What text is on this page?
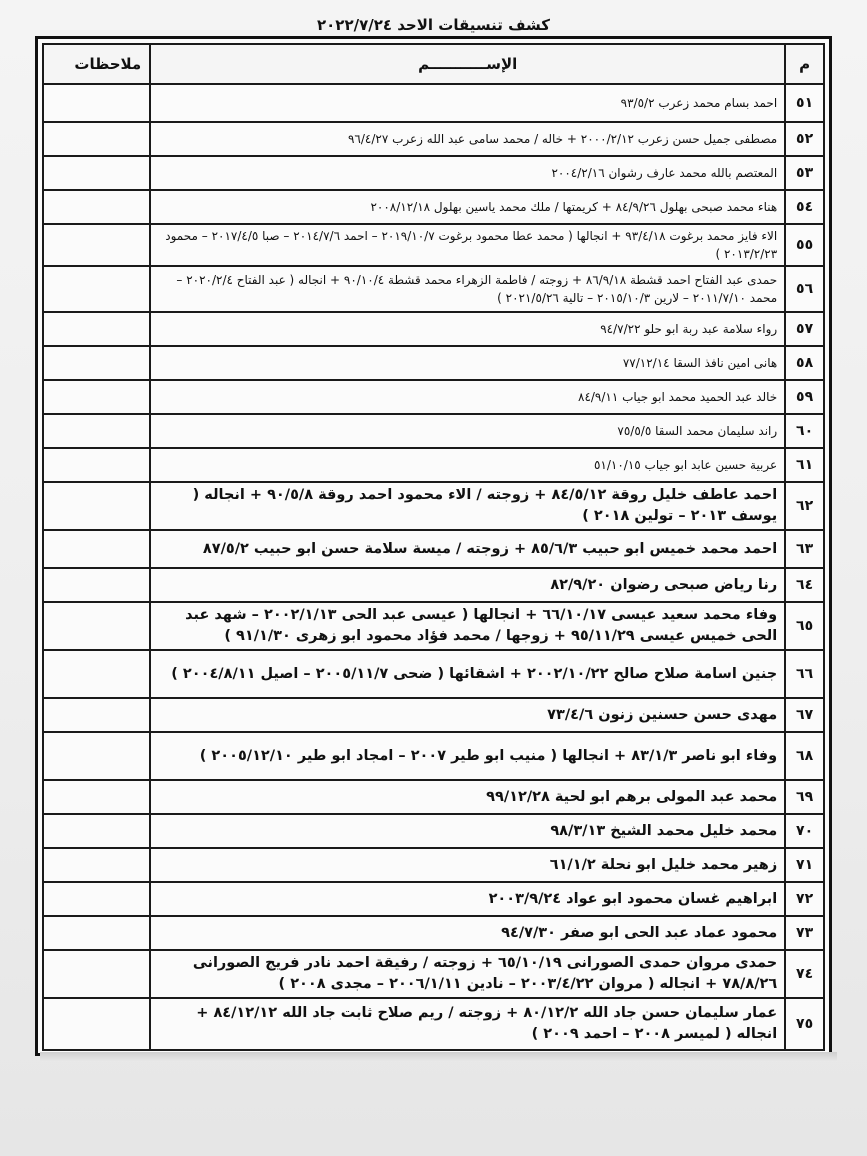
كشف تنسيقات الاحد ٢٠٢٢/٧/٢٤
ملاحظات	الإســـــــــــم	م
	احمد بسام محمد زعرب ٩٣/٥/٢	٥١
	مصطفى جميل حسن زعرب ٢٠٠٠/٢/١٢ + خاله / محمد سامى عبد الله زعرب ٩٦/٤/٢٧	٥٢
	المعتصم بالله محمد عارف رشوان ٢٠٠٤/٢/١٦	٥٣
	هناء محمد صبحى بهلول ٨٤/٩/٢٦ + كريمتها / ملك محمد ياسين بهلول ٢٠٠٨/١٢/١٨	٥٤
	الاء فايز محمد برغوت ٩٣/٤/١٨ + انجالها ( محمد عطا محمود برغوت ٢٠١٩/١٠/٧ – احمد ٢٠١٤/٧/٦ – صبا ٢٠١٧/٤/٥ – محمود ٢٠١٣/٢/٢٣ )	٥٥
	حمدى عبد الفتاح احمد قشطة ٨٦/٩/١٨ + زوجته / فاطمة الزهراء محمد قشطة ٩٠/١٠/٤ + انجاله ( عبد الفتاح ٢٠٢٠/٢/٤ – محمد ٢٠١١/٧/١٠ – لارين ٢٠١٥/١٠/٣ – تالية ٢٠٢١/٥/٢٦ )	٥٦
	رواء سلامة عبد ربة ابو حلو ٩٤/٧/٢٢	٥٧
	هانى امين نافذ السقا ٧٧/١٢/١٤	٥٨
	خالد عبد الحميد محمد ابو جياب ٨٤/٩/١١	٥٩
	راند سليمان محمد السقا ٧٥/٥/٥	٦٠
	عربية حسين عابد ابو جياب ٥١/١٠/١٥	٦١
	احمد عاطف خليل روقة ٨٤/٥/١٢ + زوجته / الاء محمود احمد روقة ٩٠/٥/٨ + انجاله ( يوسف ٢٠١٣ – تولين ٢٠١٨ )	٦٢
	احمد محمد خميس ابو حبيب ٨٥/٦/٣ + زوجته / ميسة سلامة حسن ابو حبيب ٨٧/٥/٢	٦٣
	رنا رياض صبحى رضوان ٨٢/٩/٢٠	٦٤
	وفاء محمد سعيد عيسى ٦٦/١٠/١٧ + انجالها ( عيسى عبد الحى ٢٠٠٢/١/١٣ – شهد عبد الحى خميس عيسى ٩٥/١١/٢٩ + زوجها / محمد فؤاد محمود ابو زهرى ٩١/١/٣٠ )	٦٥
	جنين اسامة صلاح صالح ٢٠٠٢/١٠/٢٢ + اشقائها ( ضحى ٢٠٠٥/١١/٧ – اصيل ٢٠٠٤/٨/١١ )	٦٦
	مهدى حسن حسنين زنون ٧٣/٤/٦	٦٧
	وفاء ابو ناصر ٨٣/١/٣ + انجالها ( منيب ابو طير ٢٠٠٧ – امجاد ابو طير ٢٠٠٥/١٢/١٠ )	٦٨
	محمد عبد المولى برهم ابو لحية ٩٩/١٢/٢٨	٦٩
	محمد خليل محمد الشيخ ٩٨/٣/١٣	٧٠
	زهير محمد خليل ابو نحلة ٦١/١/٢	٧١
	ابراهيم غسان محمود ابو عواد ٢٠٠٣/٩/٢٤	٧٢
	محمود عماد عبد الحى ابو صفر ٩٤/٧/٣٠	٧٣
	حمدى مروان حمدى الصورانى ٦٥/١٠/١٩ + زوجته / رفيقة احمد نادر فريج الصورانى ٧٨/٨/٢٦ + انجاله ( مروان ٢٠٠٣/٤/٢٢ – نادين ٢٠٠٦/١/١١ – مجدى ٢٠٠٨ )	٧٤
	عمار سليمان حسن جاد الله ٨٠/١٢/٢ + زوجته / ريم صلاح ثابت جاد الله ٨٤/١٢/١٢ + انجاله ( لميسر ٢٠٠٨ – احمد ٢٠٠٩ )	٧٥
